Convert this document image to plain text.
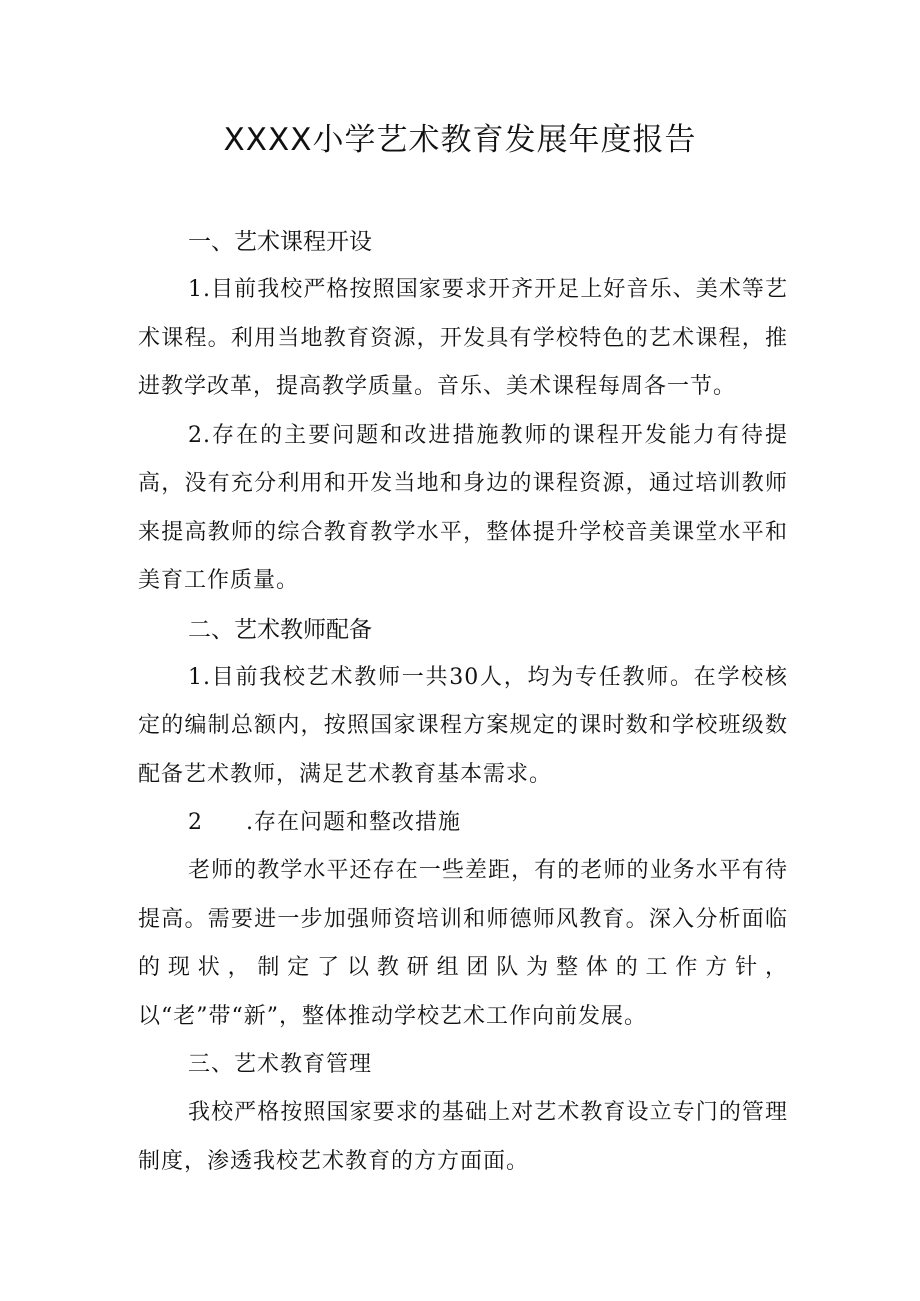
XXXX小学艺术教育发展年度报告
一、艺术课程开设

1.目前我校严格按照国家要求开齐开足上好音乐、美术等艺术课程。利用当地教育资源，开发具有学校特色的艺术课程，推进教学改革，提高教学质量。音乐、美术课程每周各一节。

2.存在的主要问题和改进措施教师的课程开发能力有待提高，没有充分利用和开发当地和身边的课程资源，通过培训教师来提高教师的综合教育教学水平，整体提升学校音美课堂水平和美育工作质量。

二、艺术教师配备

1.目前我校艺术教师一共30人，均为专任教师。在学校核定的编制总额内，按照国家课程方案规定的课时数和学校班级数配备艺术教师，满足艺术教育基本需求。

2 .存在问题和整改措施

老师的教学水平还存在一些差距，有的老师的业务水平有待提高。需要进一步加强师资培训和师德师风教育。深入分析面临的现状，制定了以教研组团队为整体的工作方针，以“老”带“新”，整体推动学校艺术工作向前发展。

三、艺术教育管理

我校严格按照国家要求的基础上对艺术教育设立专门的管理制度，渗透我校艺术教育的方方面面。
